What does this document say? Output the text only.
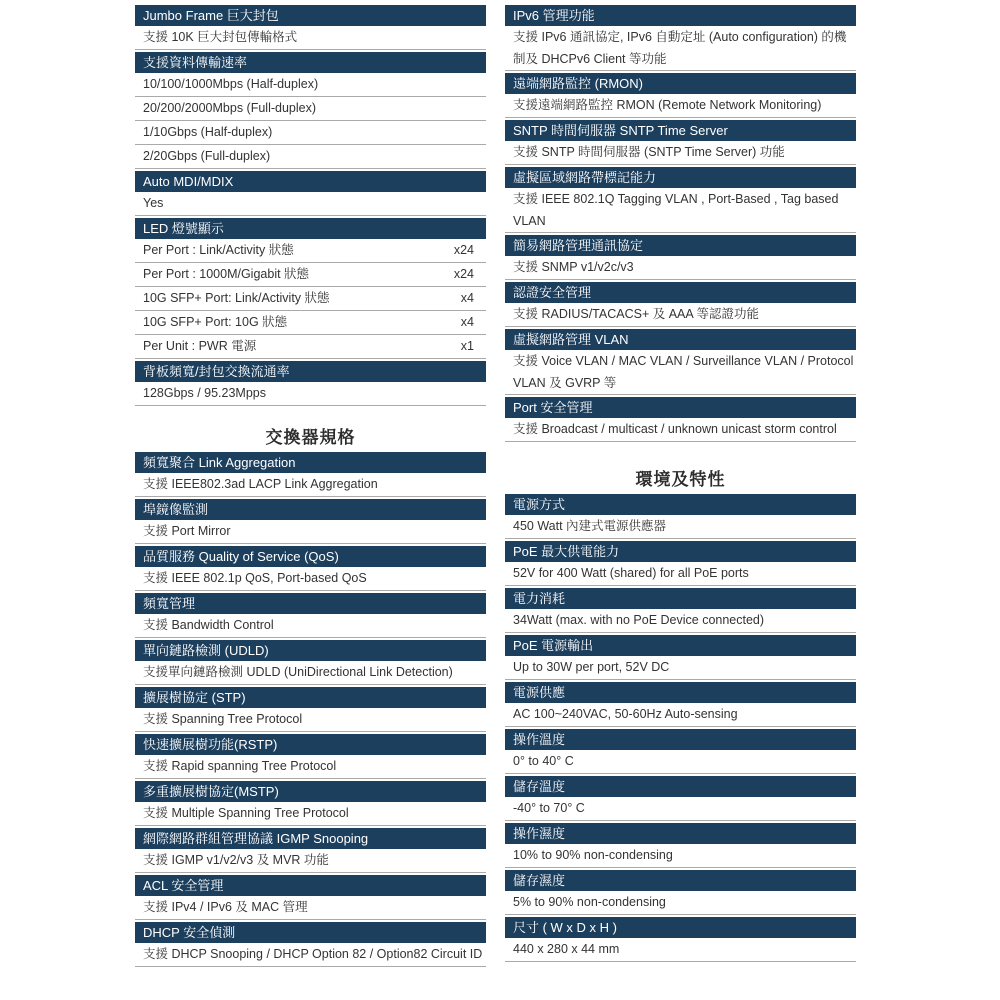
Jumbo Frame 巨大封包
支援 10K 巨大封包傳輸格式
支援資料傳輸速率
10/100/1000Mbps (Half-duplex)
20/200/2000Mbps (Full-duplex)
1/10Gbps (Half-duplex)
2/20Gbps (Full-duplex)
Auto MDI/MDIX
Yes
LED 燈號顯示
Per Port : Link/Activity 狀態	x24
Per Port : 1000M/Gigabit 狀態	x24
10G SFP+ Port: Link/Activity 狀態	x4
10G SFP+ Port: 10G 狀態	x4
Per Unit : PWR 電源	x1
背板頻寬/封包交換流通率
128Gbps / 95.23Mpps
交換器規格
頻寬聚合 Link Aggregation
支援 IEEE802.3ad LACP Link Aggregation
埠鏡像監測
支援 Port Mirror
品質服務 Quality of Service (QoS)
支援 IEEE 802.1p QoS, Port-based QoS
頻寬管理
支援 Bandwidth Control
單向鏈路檢測 (UDLD)
支援單向鏈路檢測 UDLD (UniDirectional Link Detection)
擴展樹協定 (STP)
支援 Spanning Tree Protocol
快速擴展樹功能(RSTP)
支援 Rapid spanning Tree Protocol
多重擴展樹協定(MSTP)
支援 Multiple Spanning Tree Protocol
網際網路群組管理協議 IGMP Snooping
支援 IGMP v1/v2/v3 及 MVR 功能
ACL 安全管理
支援 IPv4 / IPv6 及 MAC 管理
DHCP 安全偵測
支援 DHCP Snooping / DHCP Option 82 / Option82 Circuit ID
IPv6 管理功能
支援 IPv6 通訊協定, IPv6 自動定址 (Auto configuration) 的機制及 DHCPv6 Client 等功能
遠端網路監控 (RMON)
支援遠端網路監控 RMON (Remote Network Monitoring)
SNTP 時間伺服器 SNTP Time Server
支援 SNTP 時間伺服器 (SNTP Time Server) 功能
虛擬區域網路帶標記能力
支援 IEEE 802.1Q Tagging VLAN , Port-Based , Tag based VLAN
簡易網路管理通訊協定
支援 SNMP v1/v2c/v3
認證安全管理
支援 RADIUS/TACACS+ 及 AAA 等認證功能
虛擬網路管理 VLAN
支援 Voice VLAN / MAC VLAN / Surveillance VLAN / Protocol VLAN 及 GVRP 等
Port 安全管理
支援 Broadcast / multicast / unknown unicast storm control
環境及特性
電源方式
450 Watt 內建式電源供應器
PoE 最大供電能力
52V for 400 Watt (shared) for all PoE ports
電力消耗
34Watt (max. with no PoE Device connected)
PoE 電源輸出
Up to 30W per port, 52V DC
電源供應
AC 100~240VAC, 50-60Hz Auto-sensing
操作溫度
0° to 40° C
儲存溫度
-40° to 70° C
操作濕度
10% to 90% non-condensing
儲存濕度
5% to 90% non-condensing
尺寸 ( W x D x H )
440 x 280 x 44 mm
